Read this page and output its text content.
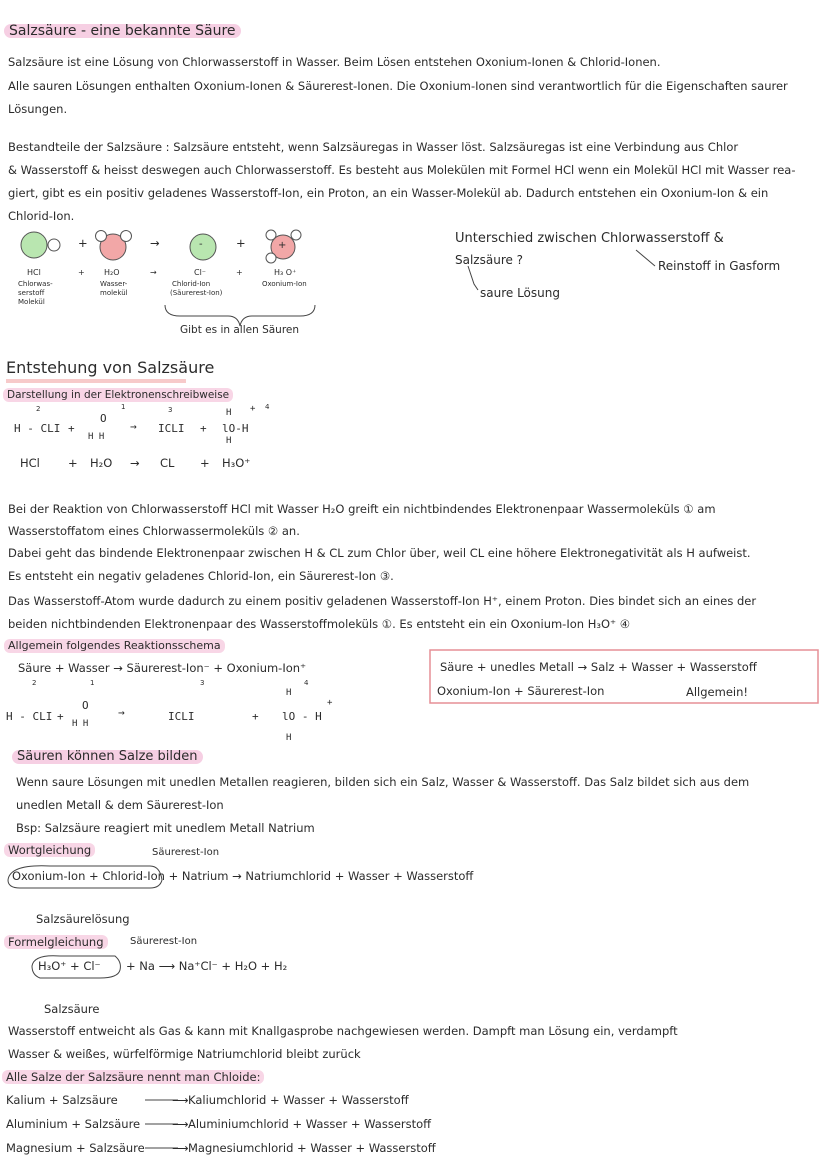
Salzsäure - eine bekannte Säure
Salzsäure ist eine Lösung von Chlorwasserstoff in Wasser. Beim Lösen entstehen Oxonium-Ionen & Chlorid-Ionen.
Alle sauren Lösungen enthalten Oxonium-Ionen & Säurerest-Ionen. Die Oxonium-Ionen sind verantwortlich für die Eigenschaften saurer
Lösungen.
Bestandteile der Salzsäure : Salzsäure entsteht, wenn Salzsäuregas in Wasser löst. Salzsäuregas ist eine Verbindung aus Chlor
& Wasserstoff & heisst deswegen auch Chlorwasserstoff. Es besteht aus Molekülen mit Formel HCl wenn ein Molekül HCl mit Wasser rea-
giert, gibt es ein positiv geladenes Wasserstoff-Ion, ein Proton, an ein Wasser-Molekül ab. Dadurch entstehen ein Oxonium-Ion & ein
Chlorid-Ion.
+	→	+
-	+
HCl
Chlorwas-
serstoff
Molekül
+ H₂O
Wasser-
molekül
→	Cl⁻
Chlorid-Ion
(Säurerest-Ion)
+	H₃ O⁺
Oxonium-Ion
Gibt es in allen Säuren
Unterschied zwischen Chlorwasserstoff &
Salzsäure ?	Reinstoff in Gasform
saure Lösung
Entstehung von Salzsäure
Darstellung in der Elektronenschreibweise
2	1	3	4
H - CLI +
O
H H
→ ICLI +
H
lO-H
H
+
HCl + H₂O → CL + H₃O⁺
Bei der Reaktion von Chlorwasserstoff HCl mit Wasser H₂O greift ein nichtbindendes Elektronenpaar Wassermoleküls ① am
Wasserstoffatom eines Chlorwassermoleküls ② an.
Dabei geht das bindende Elektronenpaar zwischen H & CL zum Chlor über, weil CL eine höhere Elektronegativität als H aufweist.
Es entsteht ein negativ geladenes Chlorid-Ion, ein Säurerest-Ion ③.
Das Wasserstoff-Atom wurde dadurch zu einem positiv geladenen Wasserstoff-Ion H⁺, einem Proton. Dies bindet sich an eines der
beiden nichtbindenden Elektronenpaar des Wasserstoffmoleküls ①. Es entsteht ein ein Oxonium-Ion H₃O⁺ ④
Allgemein folgendes Reaktionsschema
Säure + Wasser → Säurerest-Ion⁻ + Oxonium-Ion⁺
2	1	3	4
H - CLI +
O
H H
→	ICLI	+
H
lO - H
H
+
Säure + unedles Metall → Salz + Wasser + Wasserstoff
Oxonium-Ion + Säurerest-Ion	Allgemein!
Säuren können Salze bilden
Wenn saure Lösungen mit unedlen Metallen reagieren, bilden sich ein Salz, Wasser & Wasserstoff. Das Salz bildet sich aus dem
unedlen Metall & dem Säurerest-Ion
Bsp: Salzsäure reagiert mit unedlem Metall Natrium
Wortgleichung	Säurerest-Ion
Oxonium-Ion + Chlorid-Ion + Natrium → Natriumchlorid + Wasser + Wasserstoff
Salzsäurelösung
Formelgleichung	Säurerest-Ion
H₃O⁺ + Cl⁻ + Na ⟶ Na⁺Cl⁻ + H₂O + H₂
Salzsäure
Wasserstoff entweicht als Gas & kann mit Knallgasprobe nachgewiesen werden. Dampft man Lösung ein, verdampft
Wasser & weißes, würfelförmige Natriumchlorid bleibt zurück
Alle Salze der Salzsäure nennt man Chloide:
Kalium + Salzsäure	⟶ Kaliumchlorid + Wasser + Wasserstoff
Aluminium + Salzsäure	⟶ Aluminiumchlorid + Wasser + Wasserstoff
Magnesium + Salzsäure ⟶ Magnesiumchlorid + Wasser + Wasserstoff
